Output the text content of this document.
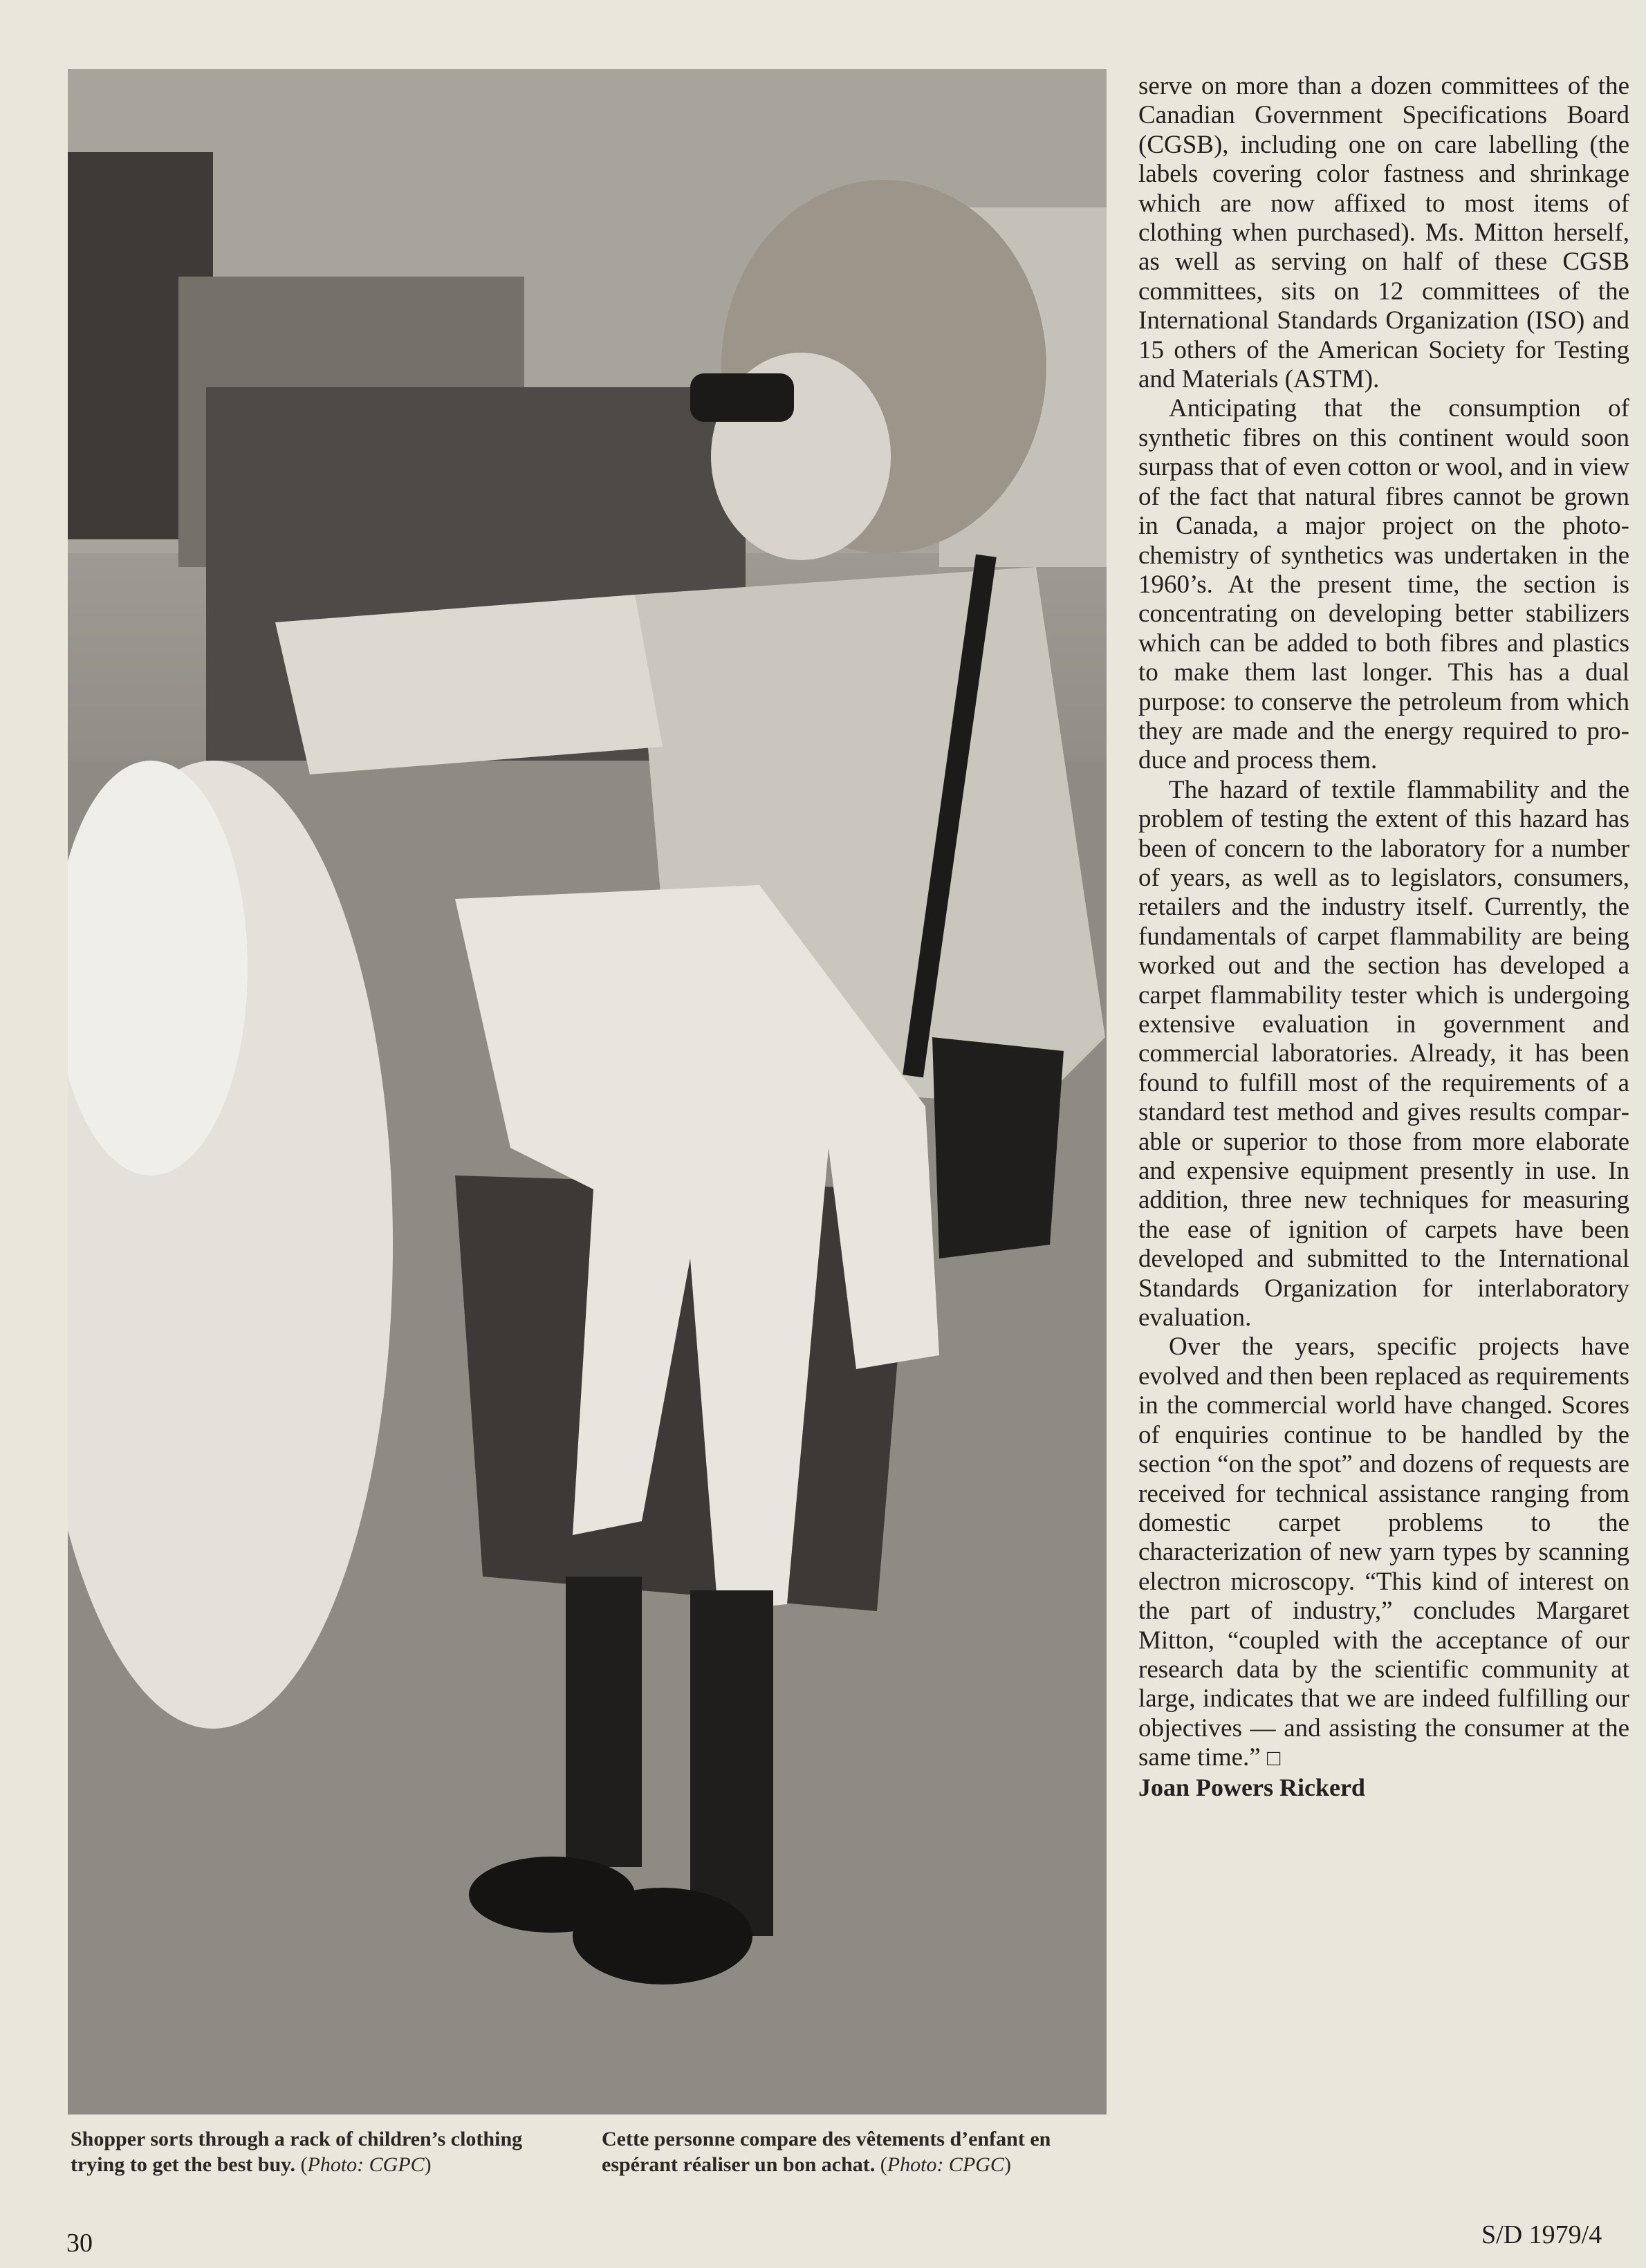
Shopper sorts through a rack of children’s clothing trying to get the best buy. (Photo: CGPC)
Cette personne compare des vêtements d’enfant en espérant réaliser un bon achat. (Photo: CPGC)

serve on more than a dozen committees of the Canadian Government Specifications Board (CGSB), including one on care labelling (the labels covering color fastness and shrinkage which are now affixed to most items of clothing when purchased). Ms. Mitton herself, as well as serving on half of these CGSB committees, sits on 12 committees of the International Standards Organization (ISO) and 15 others of the American Society for Testing and Materials (ASTM).

Anticipating that the consumption of synthetic fibres on this continent would soon surpass that of even cotton or wool, and in view of the fact that natural fibres cannot be grown in Canada, a major project on the photochemistry of synthetics was undertaken in the 1960’s. At the present time, the section is concentrating on developing better stabilizers which can be added to both fibres and plastics to make them last longer. This has a dual purpose: to conserve the petroleum from which they are made and the energy required to produce and process them.

The hazard of textile flammability and the problem of testing the extent of this hazard has been of concern to the laboratory for a number of years, as well as to legislators, consumers, retailers and the industry itself. Currently, the fundamentals of carpet flammability are being worked out and the section has developed a carpet flammability tester which is undergoing extensive evaluation in government and commercial laboratories. Already, it has been found to fulfill most of the requirements of a standard test method and gives results comparable or superior to those from more elaborate and expensive equipment presently in use. In addition, three new techniques for measuring the ease of ignition of carpets have been developed and submitted to the International Standards Organization for interlaboratory evaluation.

Over the years, specific projects have evolved and then been replaced as requirements in the commercial world have changed. Scores of enquiries continue to be handled by the section “on the spot” and dozens of requests are received for technical assistance ranging from domestic carpet problems to the characterization of new yarn types by scanning electron microscopy. “This kind of interest on the part of industry,” concludes Margaret Mitton, “coupled with the acceptance of our research data by the scientific community at large, indicates that we are indeed fulfilling our objectives — and assisting the consumer at the same time.” □

Joan Powers Rickerd
30	S/D 1979/4
